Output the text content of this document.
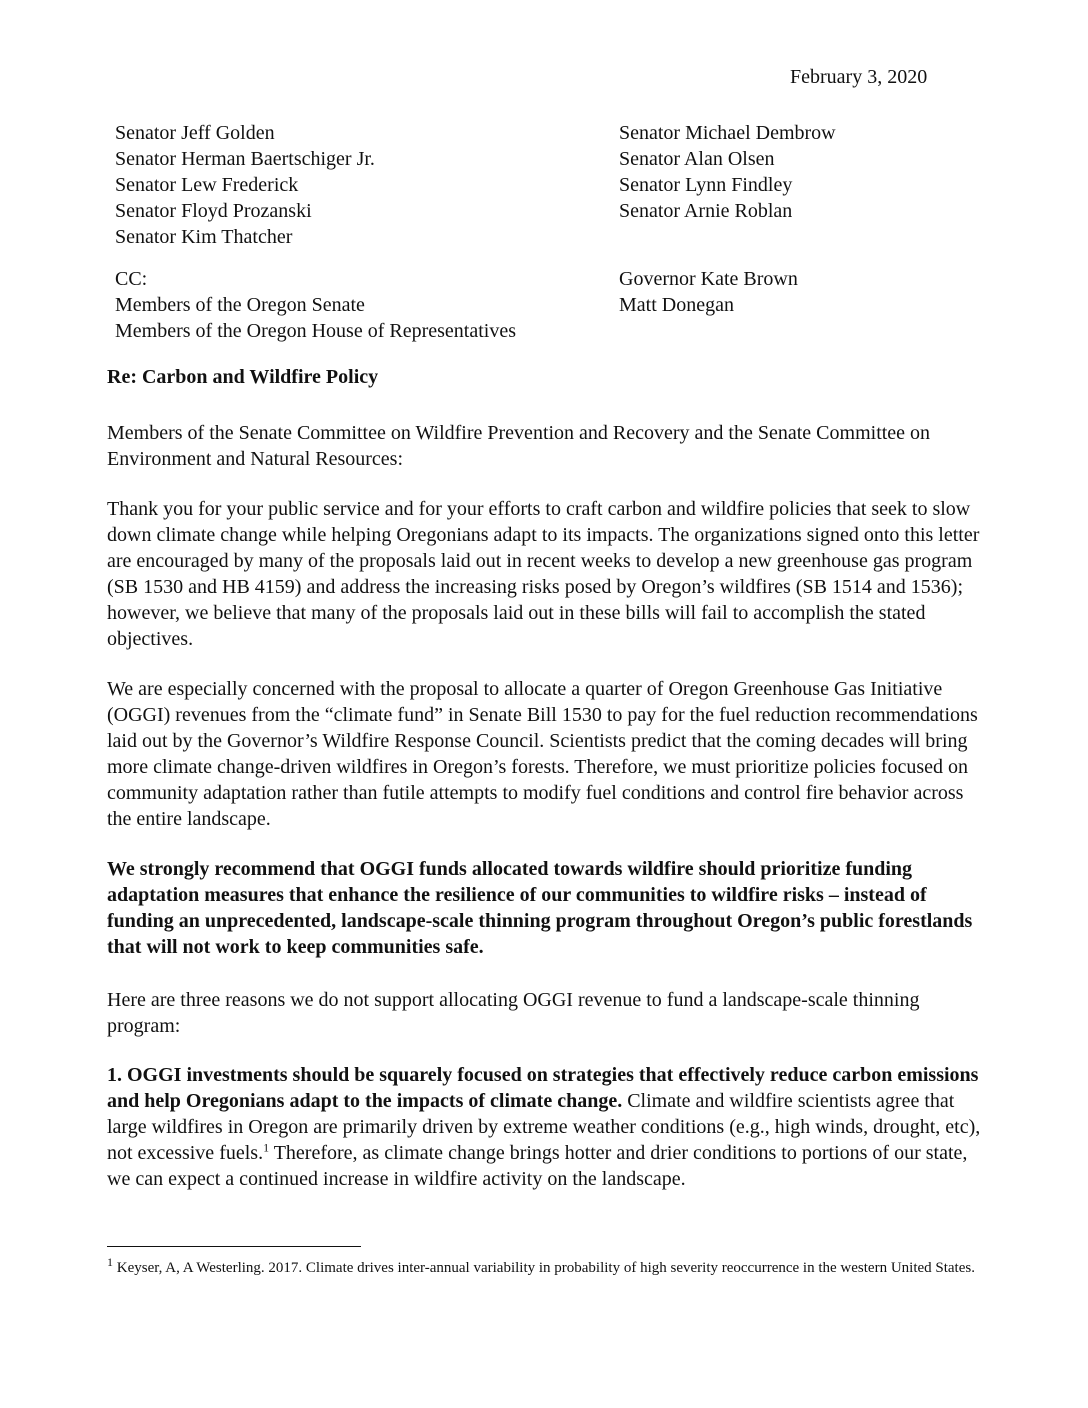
February 3, 2020
Senator Jeff Golden
Senator Herman Baertschiger Jr.
Senator Lew Frederick
Senator Floyd Prozanski
Senator Kim Thatcher
Senator Michael Dembrow
Senator Alan Olsen
Senator Lynn Findley
Senator Arnie Roblan
CC:
Members of the Oregon Senate
Members of the Oregon House of Representatives
Governor Kate Brown
Matt Donegan
Re: Carbon and Wildfire Policy
Members of the Senate Committee on Wildfire Prevention and Recovery and the Senate Committee on Environment and Natural Resources:
Thank you for your public service and for your efforts to craft carbon and wildfire policies that seek to slow down climate change while helping Oregonians adapt to its impacts. The organizations signed onto this letter are encouraged by many of the proposals laid out in recent weeks to develop a new greenhouse gas program (SB 1530 and HB 4159) and address the increasing risks posed by Oregon’s wildfires (SB 1514 and 1536); however, we believe that many of the proposals laid out in these bills will fail to accomplish the stated objectives.
We are especially concerned with the proposal to allocate a quarter of Oregon Greenhouse Gas Initiative (OGGI) revenues from the “climate fund” in Senate Bill 1530 to pay for the fuel reduction recommendations laid out by the Governor’s Wildfire Response Council. Scientists predict that the coming decades will bring more climate change-driven wildfires in Oregon’s forests. Therefore, we must prioritize policies focused on community adaptation rather than futile attempts to modify fuel conditions and control fire behavior across the entire landscape.
We strongly recommend that OGGI funds allocated towards wildfire should prioritize funding adaptation measures that enhance the resilience of our communities to wildfire risks – instead of funding an unprecedented, landscape-scale thinning program throughout Oregon’s public forestlands that will not work to keep communities safe.
Here are three reasons we do not support allocating OGGI revenue to fund a landscape-scale thinning program:
1. OGGI investments should be squarely focused on strategies that effectively reduce carbon emissions and help Oregonians adapt to the impacts of climate change. Climate and wildfire scientists agree that large wildfires in Oregon are primarily driven by extreme weather conditions (e.g., high winds, drought, etc), not excessive fuels.$^1$ Therefore, as climate change brings hotter and drier conditions to portions of our state, we can expect a continued increase in wildfire activity on the landscape.
$^1$ Keyser, A, A Westerling. 2017. Climate drives inter-annual variability in probability of high severity reoccurrence in the western United States.
